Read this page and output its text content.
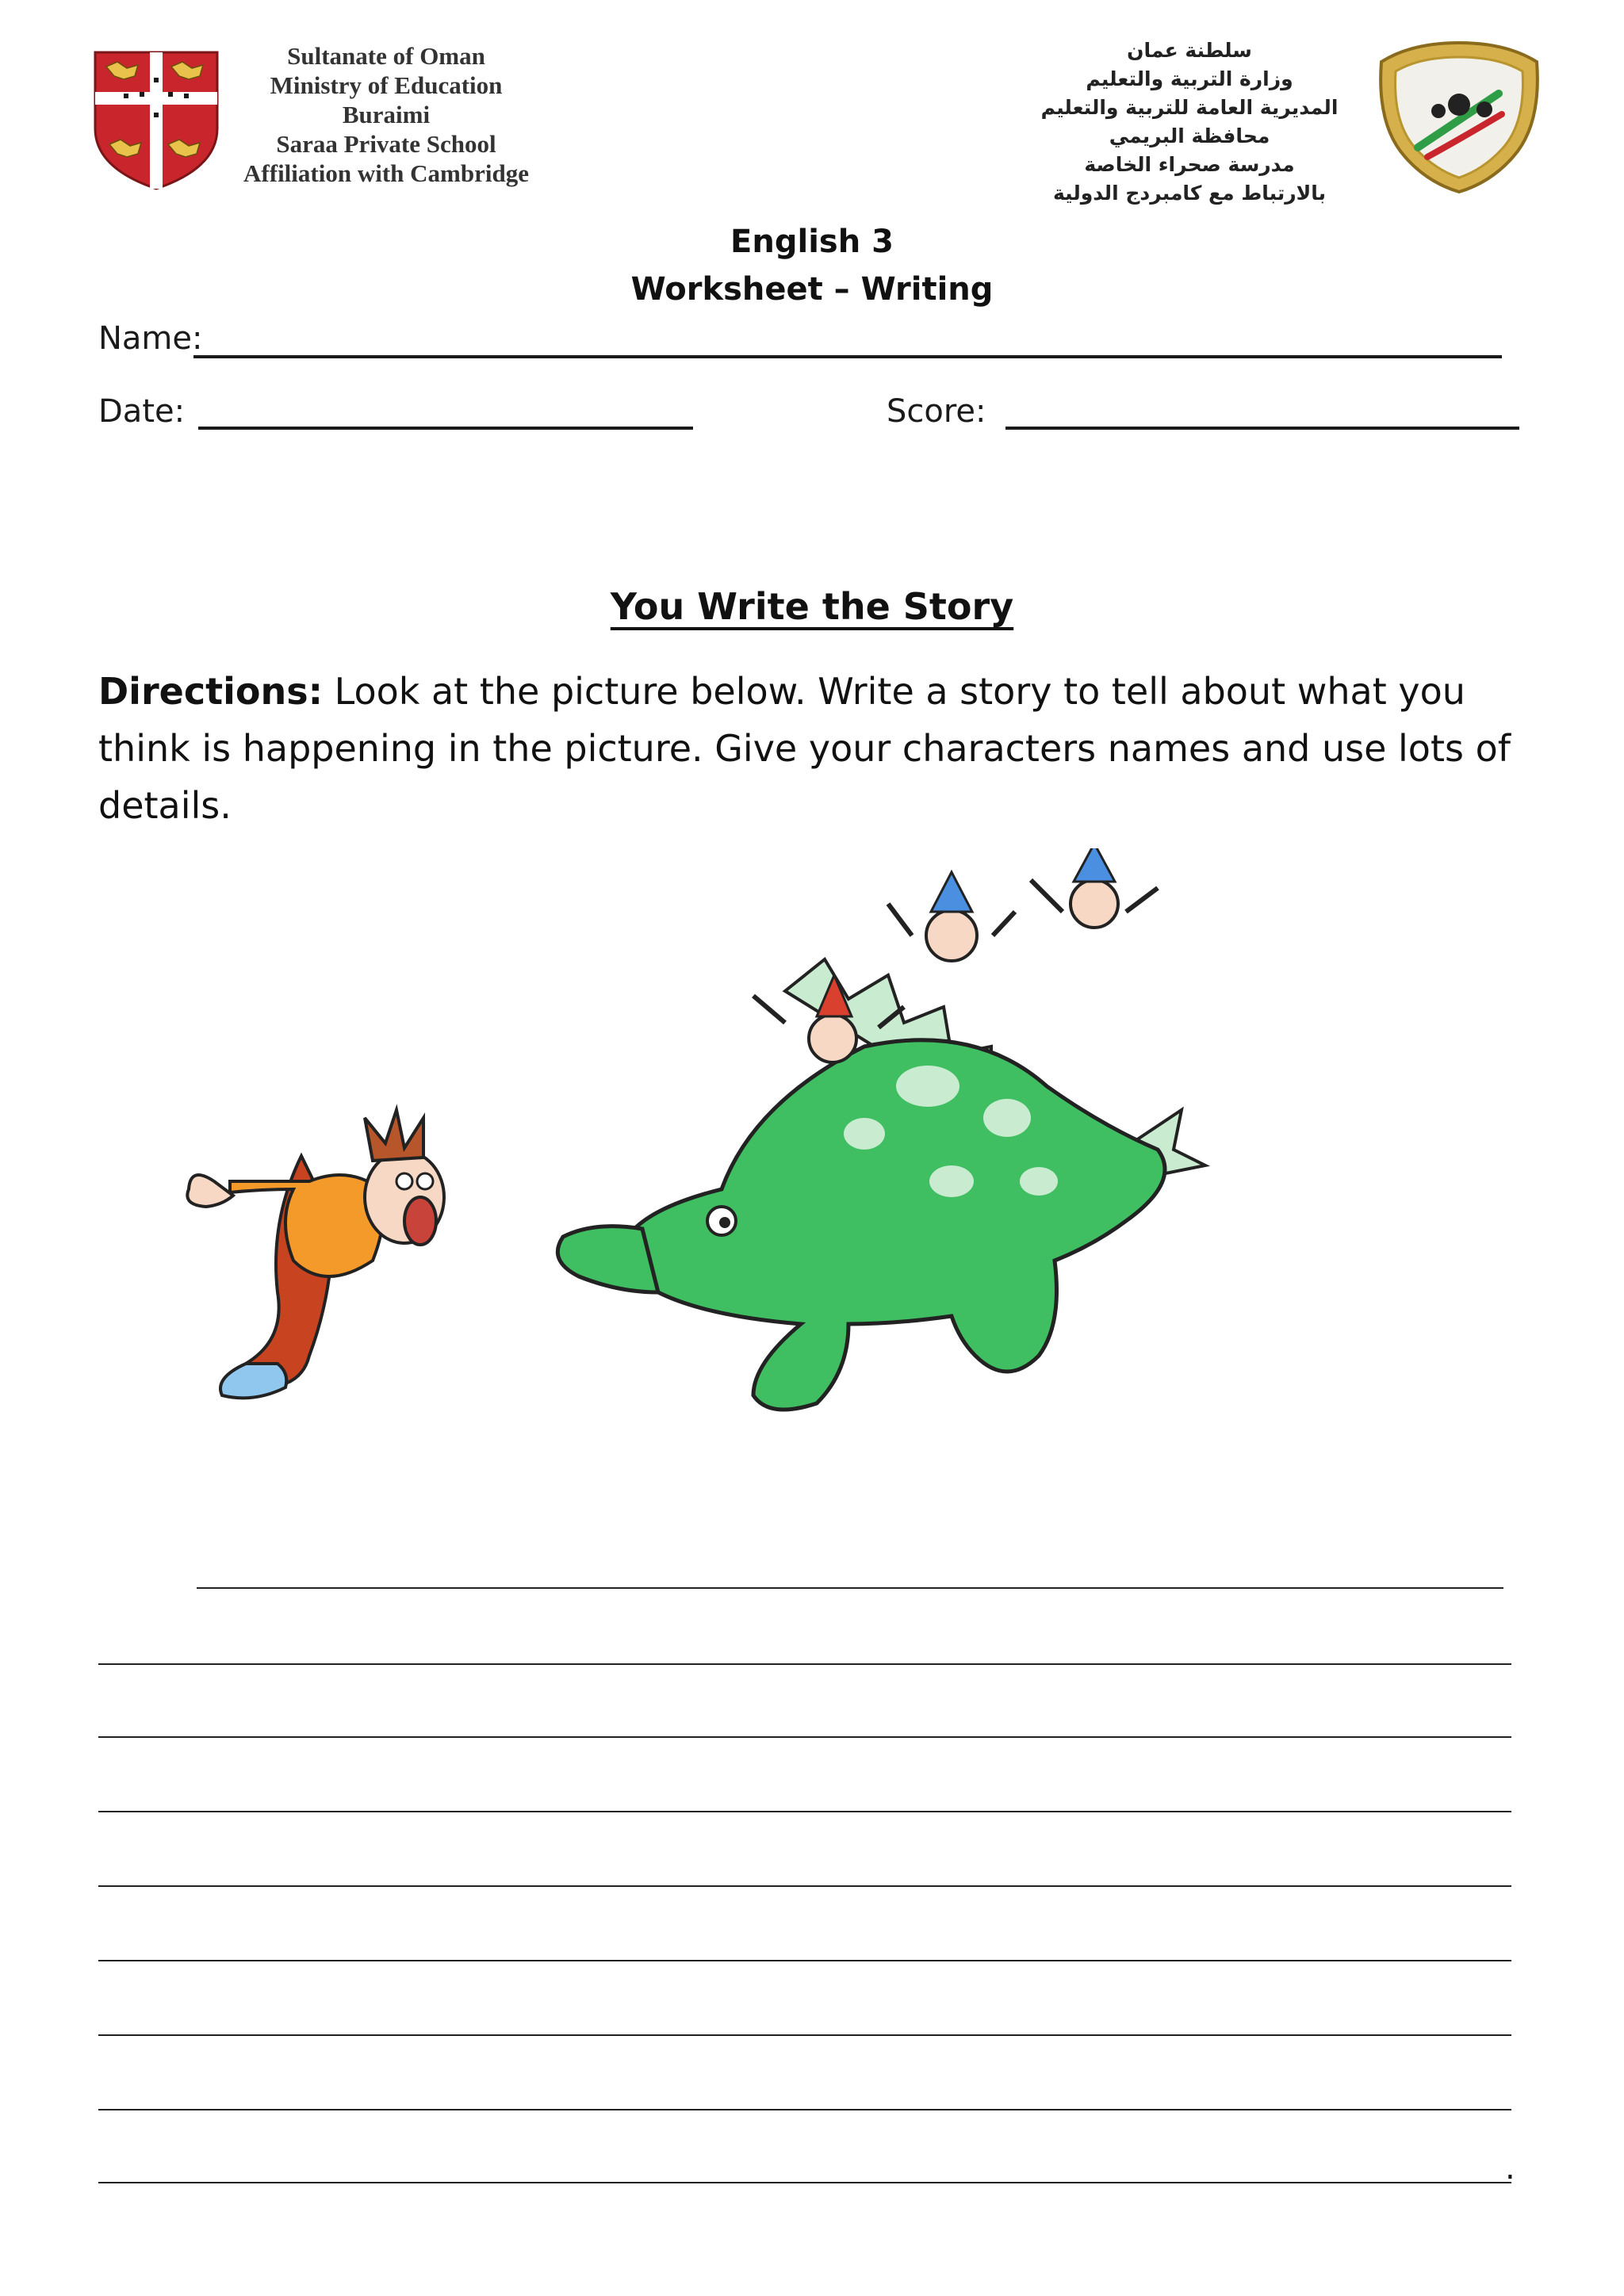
Sultanate of Oman
Ministry of Education
Buraimi
Saraa Private School
Affiliation with Cambridge
سلطنة عمان
وزارة التربية والتعليم
المديرية العامة للتربية والتعليم
محافظة البريمي
مدرسة صحراء الخاصة
بالارتباط مع كامبردج الدولية
English 3
Worksheet – Writing
Name:
Date:	Score:
You Write the Story
Directions: Look at the picture below. Write a story to tell about what you think is happening in the picture. Give your characters names and use lots of details.
.
